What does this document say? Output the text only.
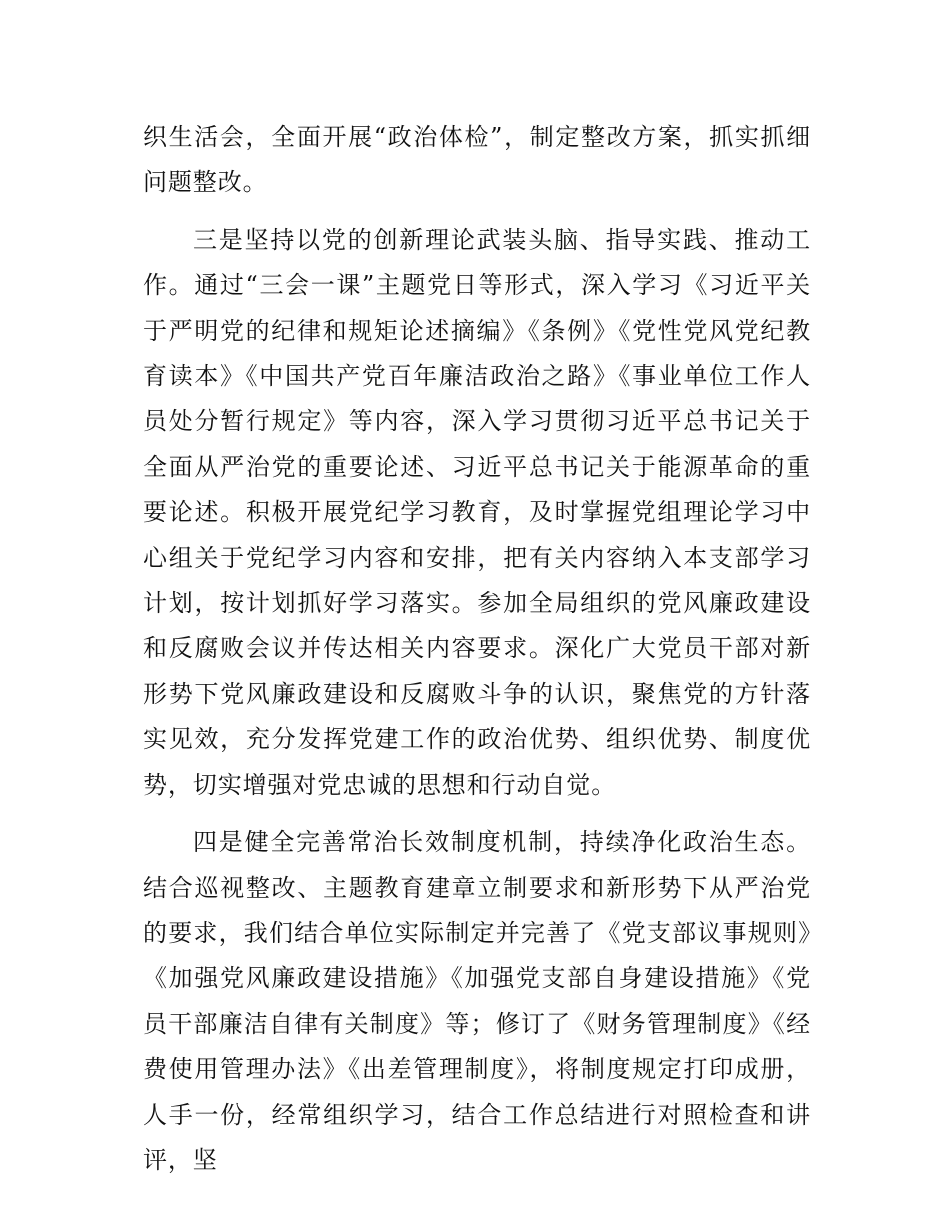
织生活会，全面开展“政治体检”，制定整改方案，抓实抓细问题整改。

三是坚持以党的创新理论武装头脑、指导实践、推动工作。通过“三会一课”主题党日等形式，深入学习《习近平关于严明党的纪律和规矩论述摘编》《条例》《党性党风党纪教育读本》《中国共产党百年廉洁政治之路》《事业单位工作人员处分暂行规定》等内容，深入学习贯彻习近平总书记关于全面从严治党的重要论述、习近平总书记关于能源革命的重要论述。积极开展党纪学习教育，及时掌握党组理论学习中心组关于党纪学习内容和安排，把有关内容纳入本支部学习计划，按计划抓好学习落实。参加全局组织的党风廉政建设和反腐败会议并传达相关内容要求。深化广大党员干部对新形势下党风廉政建设和反腐败斗争的认识，聚焦党的方针落实见效，充分发挥党建工作的政治优势、组织优势、制度优势，切实增强对党忠诚的思想和行动自觉。

四是健全完善常治长效制度机制，持续净化政治生态。结合巡视整改、主题教育建章立制要求和新形势下从严治党的要求，我们结合单位实际制定并完善了《党支部议事规则》《加强党风廉政建设措施》《加强党支部自身建设措施》《党员干部廉洁自律有关制度》等；修订了《财务管理制度》《经费使用管理办法》《出差管理制度》，将制度规定打印成册，人手一份，经常组织学习，结合工作总结进行对照检查和讲评，坚
